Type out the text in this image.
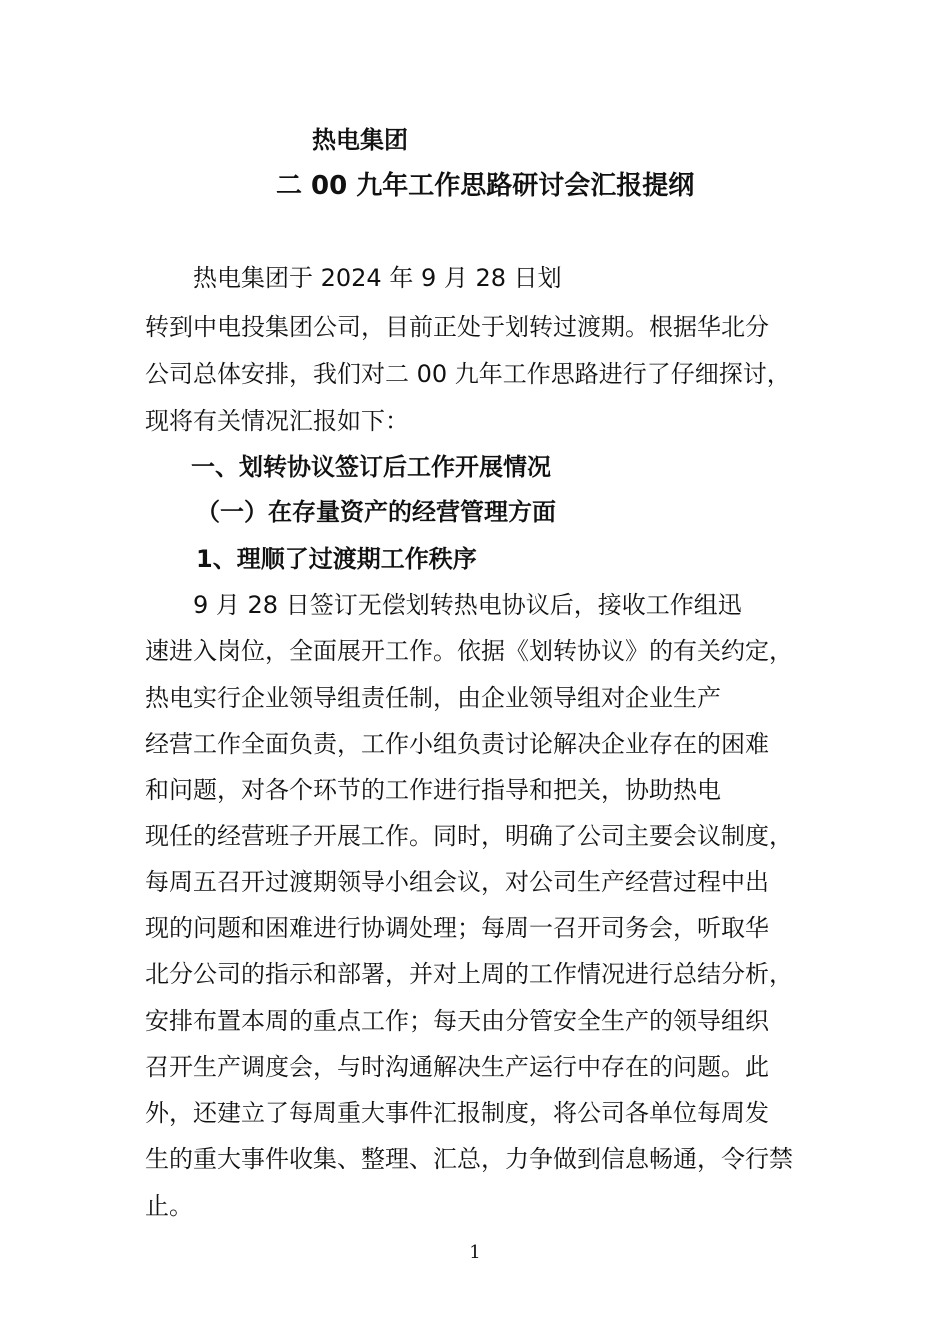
热电集团
二 00 九年工作思路研讨会汇报提纲
热电集团于 2024 年 9 月 28 日划
转到中电投集团公司，目前正处于划转过渡期。根据华北分
公司总体安排，我们对二 00 九年工作思路进行了仔细探讨，
现将有关情况汇报如下：
一、划转协议签订后工作开展情况
（一）在存量资产的经营管理方面
1、理顺了过渡期工作秩序
9 月 28 日签订无偿划转热电协议后，接收工作组迅
速进入岗位，全面展开工作。依据《划转协议》的有关约定，
热电实行企业领导组责任制，由企业领导组对企业生产
经营工作全面负责，工作小组负责讨论解决企业存在的困难
和问题，对各个环节的工作进行指导和把关，协助热电
现任的经营班子开展工作。同时，明确了公司主要会议制度，
每周五召开过渡期领导小组会议，对公司生产经营过程中出
现的问题和困难进行协调处理；每周一召开司务会，听取华
北分公司的指示和部署，并对上周的工作情况进行总结分析，
安排布置本周的重点工作；每天由分管安全生产的领导组织
召开生产调度会，与时沟通解决生产运行中存在的问题。此
外，还建立了每周重大事件汇报制度，将公司各单位每周发
生的重大事件收集、整理、汇总，力争做到信息畅通，令行禁
止。
1
